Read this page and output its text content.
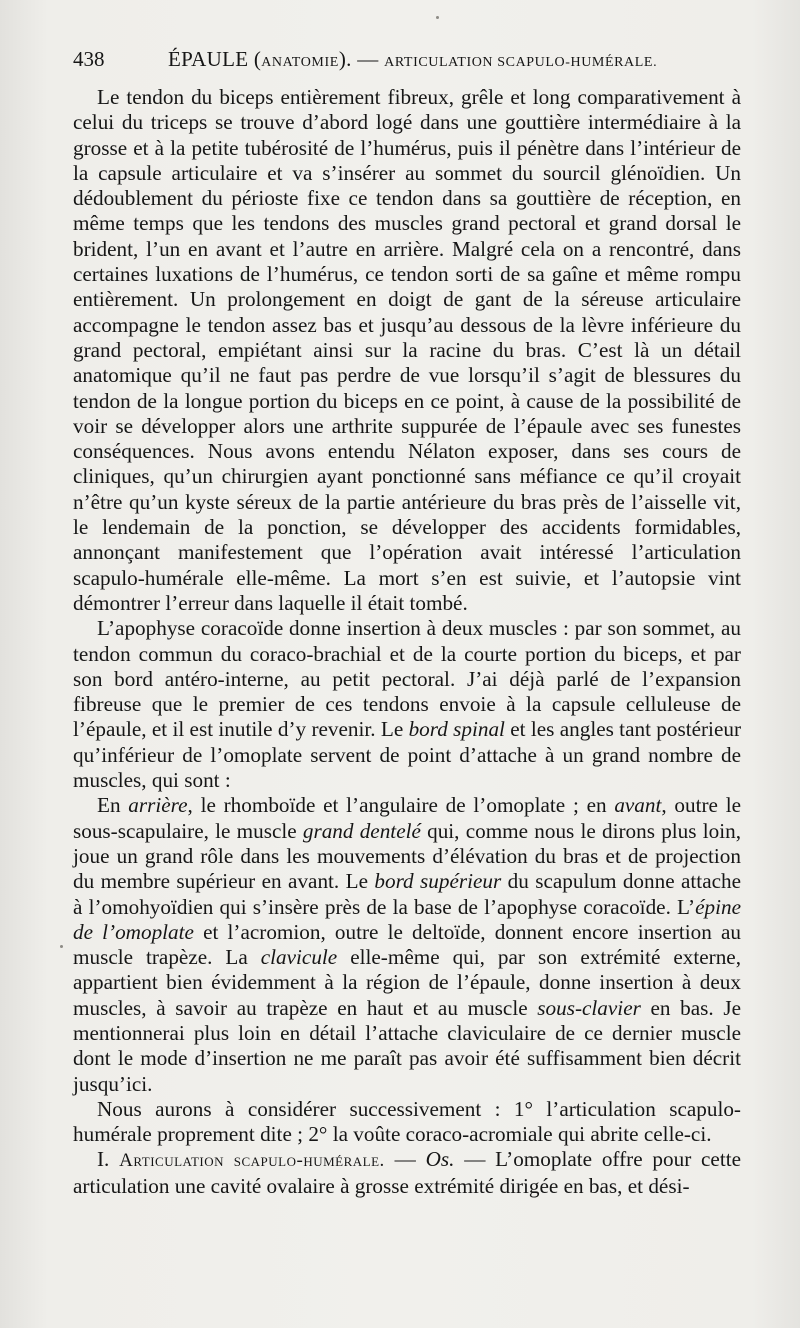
438	ÉPAULE (ANATOMIE). — ARTICULATION SCAPULO-HUMÉRALE.

Le tendon du biceps entièrement fibreux, grêle et long comparativement à celui du triceps se trouve d’abord logé dans une gouttière intermédiaire à la grosse et à la petite tubérosité de l’humérus, puis il pénètre dans l’intérieur de la capsule articulaire et va s’insérer au sommet du sourcil glénoïdien. Un dédoublement du périoste fixe ce tendon dans sa gouttière de réception, en même temps que les tendons des muscles grand pectoral et grand dorsal le brident, l’un en avant et l’autre en arrière. Malgré cela on a rencontré, dans certaines luxations de l’humérus, ce tendon sorti de sa gaîne et même rompu entièrement. Un prolongement en doigt de gant de la séreuse articulaire accompagne le tendon assez bas et jusqu’au dessous de la lèvre inférieure du grand pectoral, empiétant ainsi sur la racine du bras. C’est là un détail anatomique qu’il ne faut pas perdre de vue lorsqu’il s’agit de blessures du tendon de la longue portion du biceps en ce point, à cause de la possibilité de voir se développer alors une arthrite suppurée de l’épaule avec ses funestes conséquences. Nous avons entendu Nélaton exposer, dans ses cours de cliniques, qu’un chirurgien ayant ponctionné sans méfiance ce qu’il croyait n’être qu’un kyste séreux de la partie antérieure du bras près de l’aisselle vit, le lendemain de la ponction, se développer des accidents formidables, annonçant manifestement que l’opération avait intéressé l’articulation scapulo-humérale elle-même. La mort s’en est suivie, et l’autopsie vint démontrer l’erreur dans laquelle il était tombé.

L’apophyse coracoïde donne insertion à deux muscles : par son sommet, au tendon commun du coraco-brachial et de la courte portion du biceps, et par son bord antéro-interne, au petit pectoral. J’ai déjà parlé de l’expansion fibreuse que le premier de ces tendons envoie à la capsule celluleuse de l’épaule, et il est inutile d’y revenir. Le bord spinal et les angles tant postérieur qu’inférieur de l’omoplate servent de point d’attache à un grand nombre de muscles, qui sont :

En arrière, le rhomboïde et l’angulaire de l’omoplate ; en avant, outre le sous-scapulaire, le muscle grand dentelé qui, comme nous le dirons plus loin, joue un grand rôle dans les mouvements d’élévation du bras et de projection du membre supérieur en avant. Le bord supérieur du scapulum donne attache à l’omohyoïdien qui s’insère près de la base de l’apophyse coracoïde. L’épine de l’omoplate et l’acromion, outre le deltoïde, donnent encore insertion au muscle trapèze. La clavicule elle-même qui, par son extrémité externe, appartient bien évidemment à la région de l’épaule, donne insertion à deux muscles, à savoir au trapèze en haut et au muscle sous-clavier en bas. Je mentionnerai plus loin en détail l’attache claviculaire de ce dernier muscle dont le mode d’insertion ne me paraît pas avoir été suffisamment bien décrit jusqu’ici.

Nous aurons à considérer successivement : 1° l’articulation scapulo-humérale proprement dite ; 2° la voûte coraco-acromiale qui abrite celle-ci.

I. Articulation scapulo-humérale. — Os. — L’omoplate offre pour cette articulation une cavité ovalaire à grosse extrémité dirigée en bas, et dési-
